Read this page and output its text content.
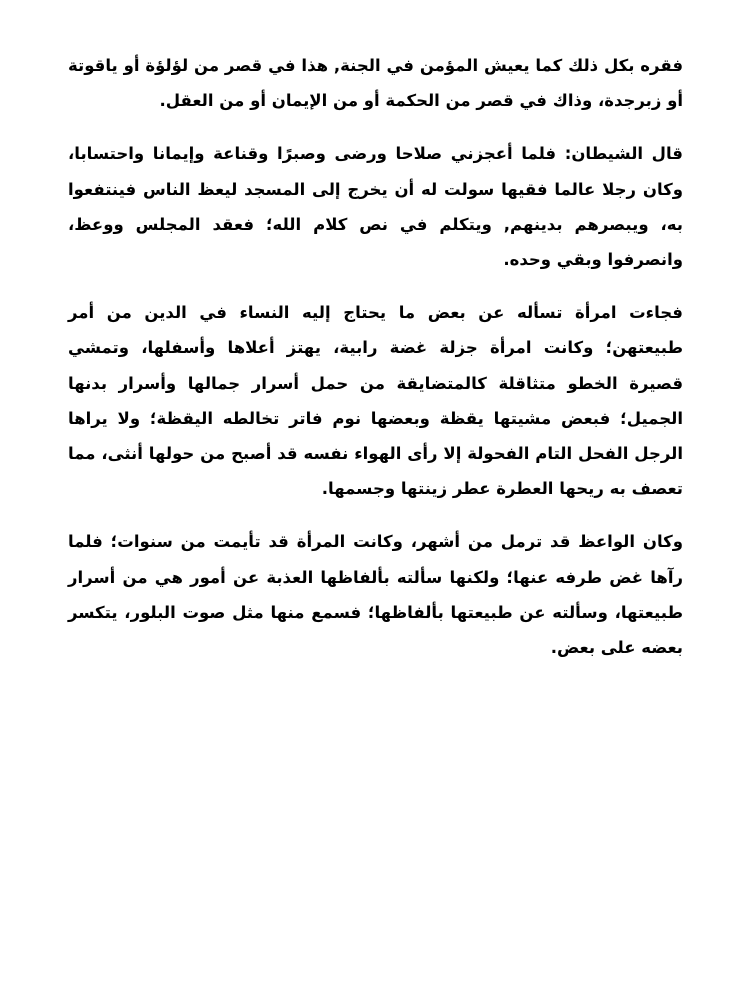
فقره بكل ذلك كما يعيش المؤمن في الجنة, هذا في قصر من لؤلؤة أو ياقوتة أو زبرجدة، وذاك في قصر من الحكمة أو من الإيمان أو من العقل.

قال الشيطان: فلما أعجزني صلاحا ورضى وصبرًا وقناعة وإيمانا واحتسابا، وكان رجلا عالما فقيها سولت له أن يخرج إلى المسجد ليعظ الناس فينتفعوا به، ويبصرهم بدينهم, ويتكلم في نص كلام الله؛ فعقد المجلس ووعظ، وانصرفوا وبقي وحده.

فجاءت امرأة تسأله عن بعض ما يحتاج إليه النساء في الدين من أمر طبيعتهن؛ وكانت امرأة جزلة غضة رابية، يهتز أعلاها وأسفلها، وتمشي قصيرة الخطو متثاقلة كالمتضايقة من حمل أسرار جمالها وأسرار بدنها الجميل؛ فبعض مشيتها يقظة وبعضها نوم فاتر تخالطه اليقظة؛ ولا يراها الرجل الفحل التام الفحولة إلا رأى الهواء نفسه قد أصبح من حولها أنثى، مما تعصف به ريحها العطرة عطر زينتها وجسمها.

وكان الواعظ قد ترمل من أشهر، وكانت المرأة قد تأيمت من سنوات؛ فلما رآها غض طرفه عنها؛ ولكنها سألته بألفاظها العذبة عن أمور هي من أسرار طبيعتها، وسألته عن طبيعتها بألفاظها؛ فسمع منها مثل صوت البلور، يتكسر بعضه على بعض.
